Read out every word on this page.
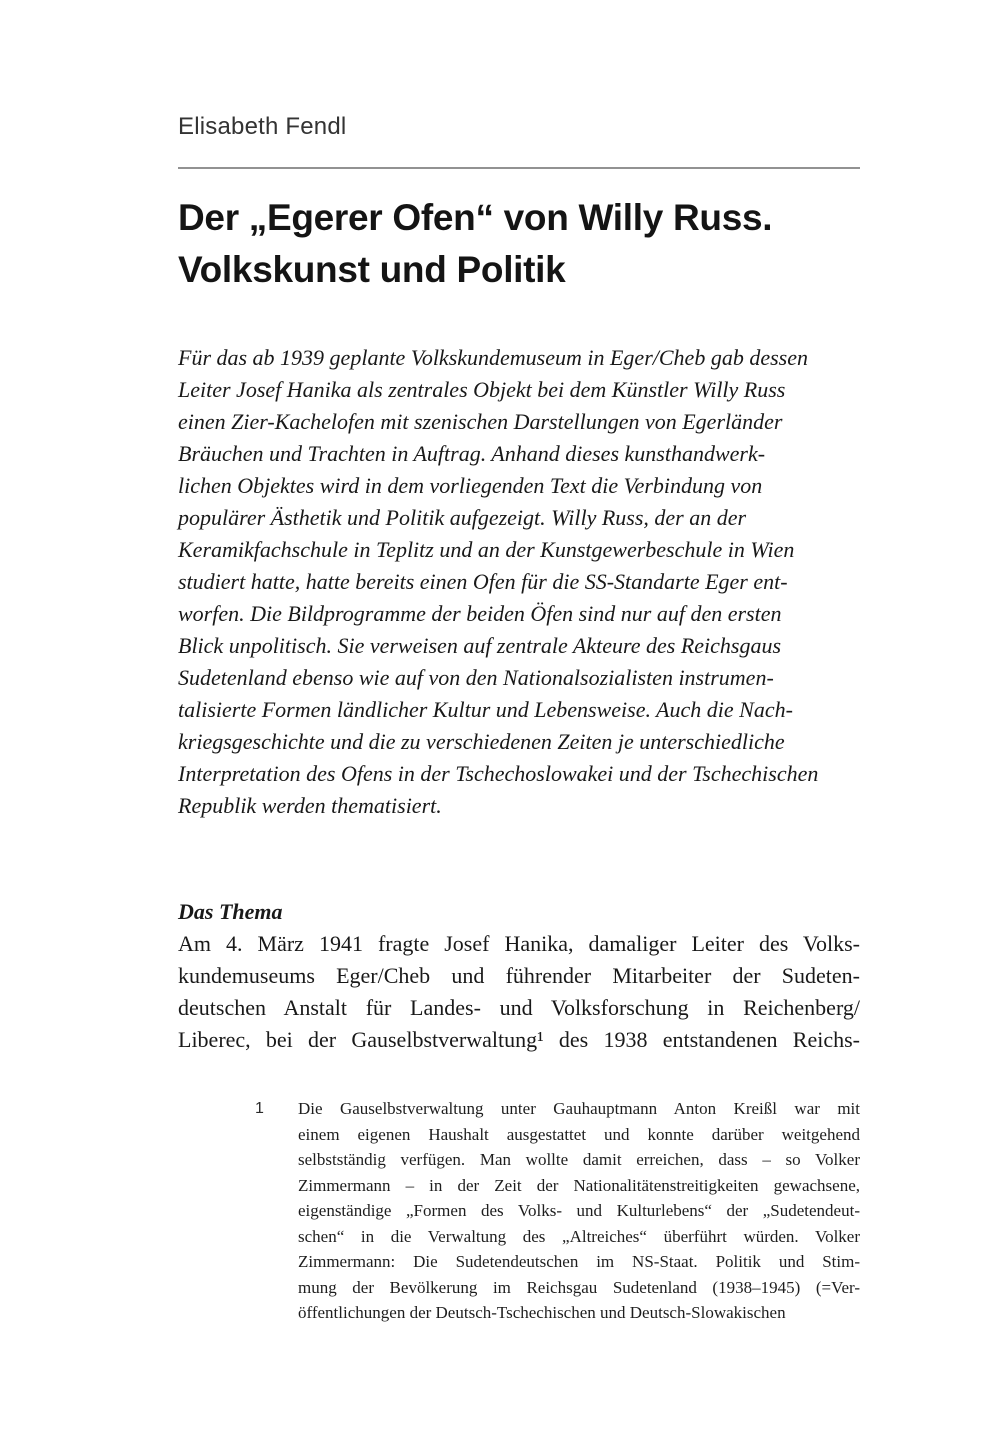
Elisabeth Fendl
Der „Egerer Ofen“ von Willy Russ.
Volkskunst und Politik
Für das ab 1939 geplante Volkskundemuseum in Eger/Cheb gab dessen
Leiter Josef Hanika als zentrales Objekt bei dem Künstler Willy Russ
einen Zier-Kachelofen mit szenischen Darstellungen von Egerländer
Bräuchen und Trachten in Auftrag. Anhand dieses kunsthandwerk-
lichen Objektes wird in dem vorliegenden Text die Verbindung von
populärer Ästhetik und Politik aufgezeigt. Willy Russ, der an der
Keramikfachschule in Teplitz und an der Kunstgewerbeschule in Wien
studiert hatte, hatte bereits einen Ofen für die SS-Standarte Eger ent-
worfen. Die Bildprogramme der beiden Öfen sind nur auf den ersten
Blick unpolitisch. Sie verweisen auf zentrale Akteure des Reichsgaus
Sudetenland ebenso wie auf von den Nationalsozialisten instrumen-
talisierte Formen ländlicher Kultur und Lebensweise. Auch die Nach-
kriegsgeschichte und die zu verschiedenen Zeiten je unterschiedliche
Interpretation des Ofens in der Tschechoslowakei und der Tschechischen
Republik werden thematisiert.
Das Thema
Am 4. März 1941 fragte Josef Hanika, damaliger Leiter des Volks-
kundemuseums Eger/Cheb und führender Mitarbeiter der Sudeten-
deutschen Anstalt für Landes- und Volksforschung in Reichenberg/
Liberec, bei der Gauselbstverwaltung¹ des 1938 entstandenen Reichs-
1	Die Gauselbstverwaltung unter Gauhauptmann Anton Kreißl war mit
einem eigenen Haushalt ausgestattet und konnte darüber weitgehend
selbstständig verfügen. Man wollte damit erreichen, dass – so Volker
Zimmermann – in der Zeit der Nationalitätenstreitigkeiten gewachsene,
eigenständige „Formen des Volks- und Kulturlebens“ der „Sudetendeut-
schen“ in die Verwaltung des „Altreiches“ überführt würden. Volker
Zimmermann: Die Sudetendeutschen im NS-Staat. Politik und Stim-
mung der Bevölkerung im Reichsgau Sudetenland (1938–1945) (=Ver-
öffentlichungen der Deutsch-Tschechischen und Deutsch-Slowakischen
